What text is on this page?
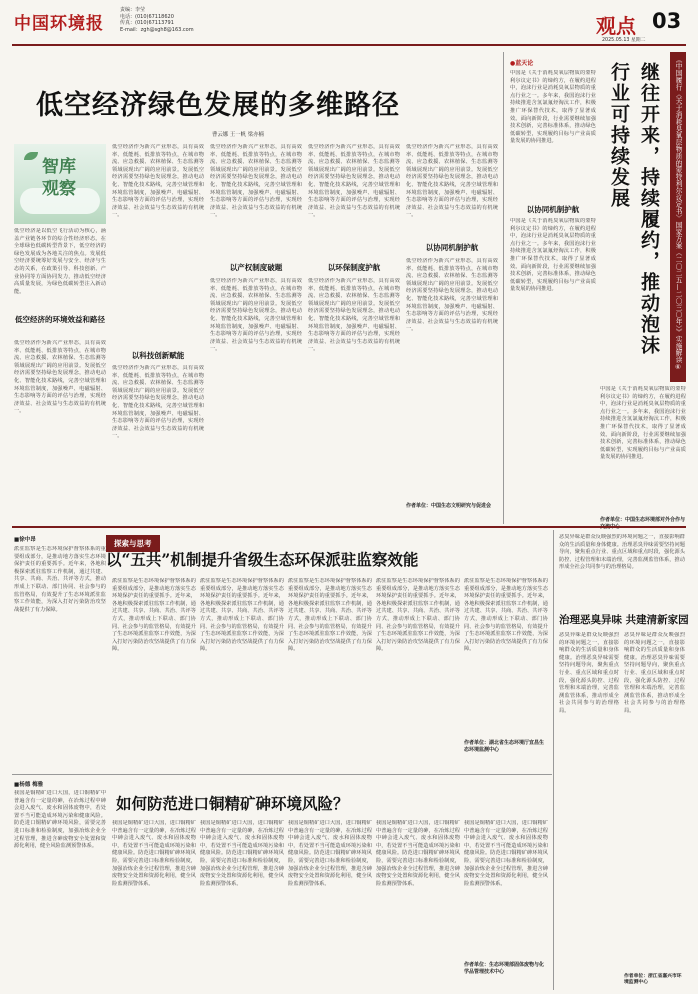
中国环境报
责编：李莹
电话：(010)67118620
传真：(010)67113791
E-mail：zgh@sgh8@163.com	观点 03
2025.05.13 星期二
低空经济绿色发展的多维路径
曹云娜 王一帆 梁亦楠
智库
观察
低空经济是以低空飞行活动为核心，涵盖产业链各环节的综合性经济形态。在全球绿色低碳转型背景下，低空经济的绿色发展成为各地关注的焦点。发展低空经济要统筹好发展与安全、经济与生态的关系，在政策引导、科技创新、产业协同等方面协同发力，推动低空经济高质量发展，为绿色低碳转型注入新动能。
低空经济的环境效益和路径
低空经济作为新兴产业形态，具有高效率、低能耗、低排放等特点，在城市物流、应急救援、农林植保、生态监测等领域展现出广阔的应用前景。发展低空经济需要坚持绿色发展理念，推动电动化、智能化技术路线，完善空域管理和环境监管制度，加强噪声、电磁辐射、生态影响等方面的评估与治理，实现经济效益、社会效益与生态效益的有机统一。
低空经济作为新兴产业形态，具有高效率、低能耗、低排放等特点，在城市物流、应急救援、农林植保、生态监测等领域展现出广阔的应用前景。发展低空经济需要坚持绿色发展理念，推动电动化、智能化技术路线，完善空域管理和环境监管制度，加强噪声、电磁辐射、生态影响等方面的评估与治理，实现经济效益、社会效益与生态效益的有机统一。
以科技创新赋能
低空经济作为新兴产业形态，具有高效率、低能耗、低排放等特点，在城市物流、应急救援、农林植保、生态监测等领域展现出广阔的应用前景。发展低空经济需要坚持绿色发展理念，推动电动化、智能化技术路线，完善空域管理和环境监管制度，加强噪声、电磁辐射、生态影响等方面的评估与治理，实现经济效益、社会效益与生态效益的有机统一。
低空经济作为新兴产业形态，具有高效率、低能耗、低排放等特点，在城市物流、应急救援、农林植保、生态监测等领域展现出广阔的应用前景。发展低空经济需要坚持绿色发展理念，推动电动化、智能化技术路线，完善空域管理和环境监管制度，加强噪声、电磁辐射、生态影响等方面的评估与治理，实现经济效益、社会效益与生态效益的有机统一。
以产权制度破题
低空经济作为新兴产业形态，具有高效率、低能耗、低排放等特点，在城市物流、应急救援、农林植保、生态监测等领域展现出广阔的应用前景。发展低空经济需要坚持绿色发展理念，推动电动化、智能化技术路线，完善空域管理和环境监管制度，加强噪声、电磁辐射、生态影响等方面的评估与治理，实现经济效益、社会效益与生态效益的有机统一。
低空经济作为新兴产业形态，具有高效率、低能耗、低排放等特点，在城市物流、应急救援、农林植保、生态监测等领域展现出广阔的应用前景。发展低空经济需要坚持绿色发展理念，推动电动化、智能化技术路线，完善空域管理和环境监管制度，加强噪声、电磁辐射、生态影响等方面的评估与治理，实现经济效益、社会效益与生态效益的有机统一。
以环保制度护航
低空经济作为新兴产业形态，具有高效率、低能耗、低排放等特点，在城市物流、应急救援、农林植保、生态监测等领域展现出广阔的应用前景。发展低空经济需要坚持绿色发展理念，推动电动化、智能化技术路线，完善空域管理和环境监管制度，加强噪声、电磁辐射、生态影响等方面的评估与治理，实现经济效益、社会效益与生态效益的有机统一。
低空经济作为新兴产业形态，具有高效率、低能耗、低排放等特点，在城市物流、应急救援、农林植保、生态监测等领域展现出广阔的应用前景。发展低空经济需要坚持绿色发展理念，推动电动化、智能化技术路线，完善空域管理和环境监管制度，加强噪声、电磁辐射、生态影响等方面的评估与治理，实现经济效益、社会效益与生态效益的有机统一。
以协同机制护航
低空经济作为新兴产业形态，具有高效率、低能耗、低排放等特点，在城市物流、应急救援、农林植保、生态监测等领域展现出广阔的应用前景。发展低空经济需要坚持绿色发展理念，推动电动化、智能化技术路线，完善空域管理和环境监管制度，加强噪声、电磁辐射、生态影响等方面的评估与治理，实现经济效益、社会效益与生态效益的有机统一。
作者单位：中国生态文明研究与促进会
●蓝天论	《中国履行〈关于消耗臭氧层物质的蒙特利尔议定书〉国家方案（二〇二五—二〇三〇年）》实施解读⑥
继往开来，持续履约，推动泡沫行业可持续发展
中国是《关于消耗臭氧层物质的蒙特利尔议定书》的缔约方，在履约进程中，泡沫行业是消耗臭氧层物质的重点行业之一。多年来，我国泡沫行业持续推进含氢氯氟烃淘汰工作，积极推广环保替代技术，取得了显著成效。面向新阶段，行业需要继续加强技术创新，完善标准体系，推动绿色低碳转型，实现履约目标与产业高质量发展的协同推进。
以协同机制护航
中国是《关于消耗臭氧层物质的蒙特利尔议定书》的缔约方，在履约进程中，泡沫行业是消耗臭氧层物质的重点行业之一。多年来，我国泡沫行业持续推进含氢氯氟烃淘汰工作，积极推广环保替代技术，取得了显著成效。面向新阶段，行业需要继续加强技术创新，完善标准体系，推动绿色低碳转型，实现履约目标与产业高质量发展的协同推进。
中国是《关于消耗臭氧层物质的蒙特利尔议定书》的缔约方，在履约进程中，泡沫行业是消耗臭氧层物质的重点行业之一。多年来，我国泡沫行业持续推进含氢氯氟烃淘汰工作，积极推广环保替代技术，取得了显著成效。面向新阶段，行业需要继续加强技术创新，完善标准体系，推动绿色低碳转型，实现履约目标与产业高质量发展的协同推进。
作者单位：中国生态环境部对外合作与
探索与思考
■徐中昂
派驻监察是生态环境保护督察体系的重要组成部分，是推动地方落实生态环境保护责任的重要抓手。近年来，各地积极探索派驻监察工作机制，通过共建、共享、共商、共治、共评等方式，推动形成上下联动、部门协同、社会参与的监管格局，有效提升了生态环境派驻监察工作效能，为深入打好污染防治攻坚战提供了有力保障。
以“五共”机制提升省级生态环保派驻监察效能
派驻监察是生态环境保护督察体系的重要组成部分，是推动地方落实生态环境保护责任的重要抓手。近年来，各地积极探索派驻监察工作机制，通过共建、共享、共商、共治、共评等方式，推动形成上下联动、部门协同、社会参与的监管格局，有效提升了生态环境派驻监察工作效能，为深入打好污染防治攻坚战提供了有力保障。
派驻监察是生态环境保护督察体系的重要组成部分，是推动地方落实生态环境保护责任的重要抓手。近年来，各地积极探索派驻监察工作机制，通过共建、共享、共商、共治、共评等方式，推动形成上下联动、部门协同、社会参与的监管格局，有效提升了生态环境派驻监察工作效能，为深入打好污染防治攻坚战提供了有力保障。
派驻监察是生态环境保护督察体系的重要组成部分，是推动地方落实生态环境保护责任的重要抓手。近年来，各地积极探索派驻监察工作机制，通过共建、共享、共商、共治、共评等方式，推动形成上下联动、部门协同、社会参与的监管格局，有效提升了生态环境派驻监察工作效能，为深入打好污染防治攻坚战提供了有力保障。
派驻监察是生态环境保护督察体系的重要组成部分，是推动地方落实生态环境保护责任的重要抓手。近年来，各地积极探索派驻监察工作机制，通过共建、共享、共商、共治、共评等方式，推动形成上下联动、部门协同、社会参与的监管格局，有效提升了生态环境派驻监察工作效能，为深入打好污染防治攻坚战提供了有力保障。
派驻监察是生态环境保护督察体系的重要组成部分，是推动地方落实生态环境保护责任的重要抓手。近年来，各地积极探索派驻监察工作机制，通过共建、共享、共商、共治、共评等方式，推动形成上下联动、部门协同、社会参与的监管格局，有效提升了生态环境派驻监察工作效能，为深入打好污染防治攻坚战提供了有力保障。
作者单位：湖北省生态环境厅宜昌生态环境监测中心
治理恶臭异味 共建清新家园
恶臭异味是群众反映强烈的环境问题之一，直接影响群众的生活质量和身体健康。治理恶臭异味需要坚持问题导向，聚焦重点行业、重点区域和重点时段，强化源头防控、过程管理和末端治理，完善监测监管体系，推动形成全社会共同参与的治理格局。
恶臭异味是群众反映强烈的环境问题之一，直接影响群众的生活质量和身体健康。治理恶臭异味需要坚持问题导向，聚焦重点行业、重点区域和重点时段，强化源头防控、过程管理和末端治理，完善监测监管体系，推动形成全社会共同参与的治理格局。
恶臭异味是群众反映强烈的环境问题之一，直接影响群众的生活质量和身体健康。治理恶臭异味需要坚持问题导向，聚焦重点行业、重点区域和重点时段，强化源头防控、过程管理和末端治理，完善监测监管体系，推动形成全社会共同参与的治理格局。
作者单位：浙江省嘉兴市环境监测中心
■杨德 梅雅
如何防范进口铜精矿砷环境风险？
我国是铜精矿进口大国，进口铜精矿中普遍含有一定量的砷，在冶炼过程中砷会进入废气、废水和固体废物中，若处置不当可能造成环境污染和健康风险。防范进口铜精矿砷环境风险，需要完善进口标准和检验制度，加强冶炼企业全过程管理，推进含砷废物安全处置和资源化利用，健全风险监测预警体系。
我国是铜精矿进口大国，进口铜精矿中普遍含有一定量的砷，在冶炼过程中砷会进入废气、废水和固体废物中，若处置不当可能造成环境污染和健康风险。防范进口铜精矿砷环境风险，需要完善进口标准和检验制度，加强冶炼企业全过程管理，推进含砷废物安全处置和资源化利用，健全风险监测预警体系。
我国是铜精矿进口大国，进口铜精矿中普遍含有一定量的砷，在冶炼过程中砷会进入废气、废水和固体废物中，若处置不当可能造成环境污染和健康风险。防范进口铜精矿砷环境风险，需要完善进口标准和检验制度，加强冶炼企业全过程管理，推进含砷废物安全处置和资源化利用，健全风险监测预警体系。
我国是铜精矿进口大国，进口铜精矿中普遍含有一定量的砷，在冶炼过程中砷会进入废气、废水和固体废物中，若处置不当可能造成环境污染和健康风险。防范进口铜精矿砷环境风险，需要完善进口标准和检验制度，加强冶炼企业全过程管理，推进含砷废物安全处置和资源化利用，健全风险监测预警体系。
我国是铜精矿进口大国，进口铜精矿中普遍含有一定量的砷，在冶炼过程中砷会进入废气、废水和固体废物中，若处置不当可能造成环境污染和健康风险。防范进口铜精矿砷环境风险，需要完善进口标准和检验制度，加强冶炼企业全过程管理，推进含砷废物安全处置和资源化利用，健全风险监测预警体系。
我国是铜精矿进口大国，进口铜精矿中普遍含有一定量的砷，在冶炼过程中砷会进入废气、废水和固体废物中，若处置不当可能造成环境污染和健康风险。防范进口铜精矿砷环境风险，需要完善进口标准和检验制度，加强冶炼企业全过程管理，推进含砷废物安全处置和资源化利用，健全风险监测预警体系。
作者单位：生态环境部固体废物与化学品管理技术中心
